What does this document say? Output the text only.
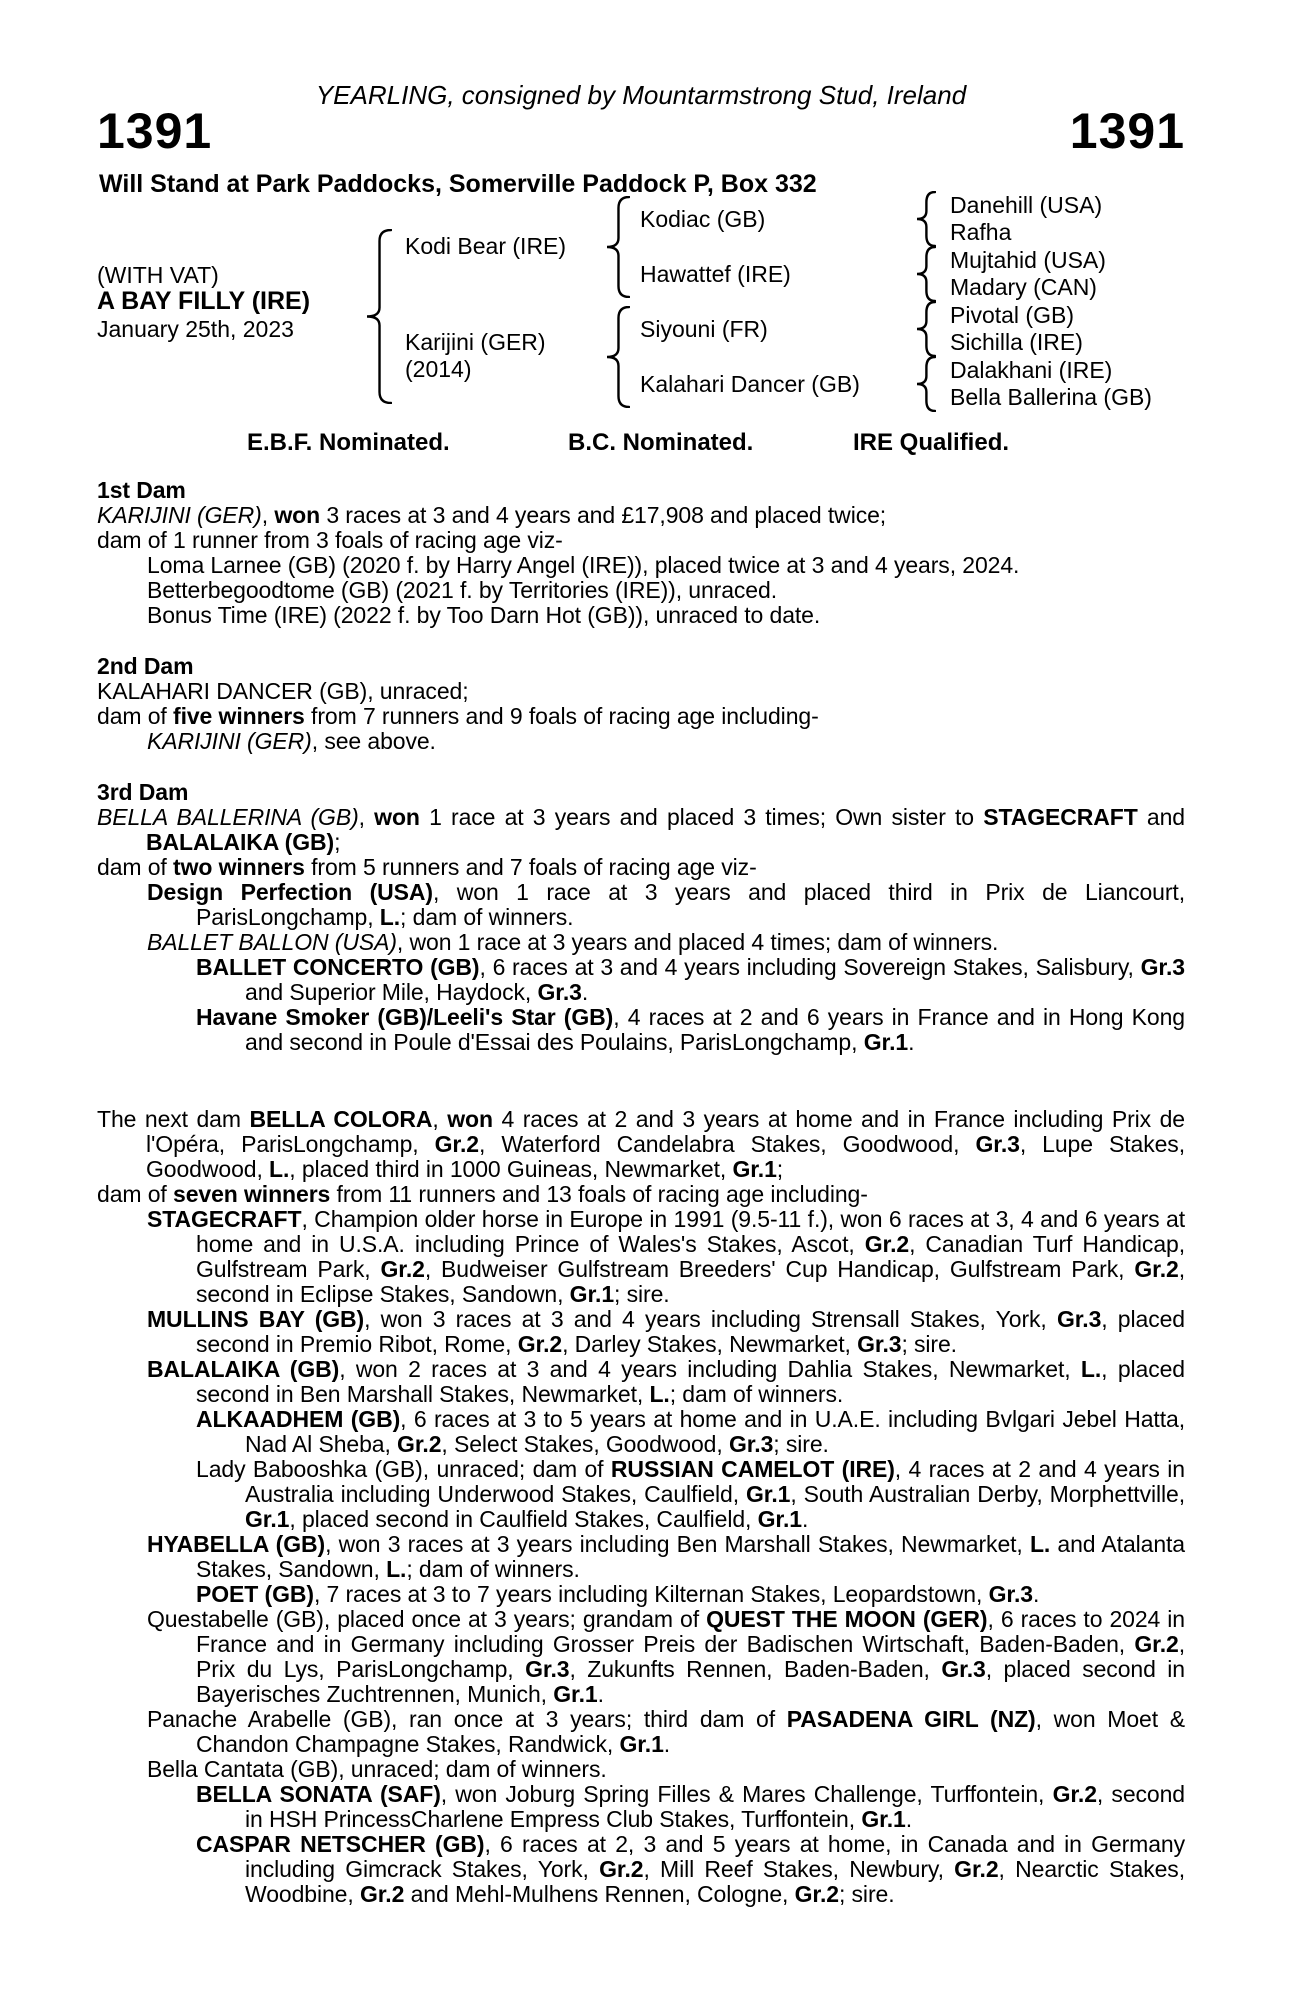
YEARLING, consigned by Mountarmstrong Stud, Ireland
1391	1391
Will Stand at Park Paddocks, Somerville Paddock P, Box 332
(WITH VAT)
A BAY FILLY (IRE)
January 25th, 2023
Kodi Bear (IRE)
Karijini (GER)
(2014)
Kodiac (GB)
Hawattef (IRE)
Siyouni (FR)
Kalahari Dancer (GB)
Danehill (USA)
Rafha
Mujtahid (USA)
Madary (CAN)
Pivotal (GB)
Sichilla (IRE)
Dalakhani (IRE)
Bella Ballerina (GB)
E.B.F. Nominated.	B.C. Nominated.	IRE Qualified.
1st Dam
KARIJINI (GER), won 3 races at 3 and 4 years and £17,908 and placed twice;
dam of 1 runner from 3 foals of racing age viz-
Loma Larnee (GB) (2020 f. by Harry Angel (IRE)), placed twice at 3 and 4 years, 2024.
Betterbegoodtome (GB) (2021 f. by Territories (IRE)), unraced.
Bonus Time (IRE) (2022 f. by Too Darn Hot (GB)), unraced to date.
2nd Dam
KALAHARI DANCER (GB), unraced;
dam of five winners from 7 runners and 9 foals of racing age including-
KARIJINI (GER), see above.
3rd Dam
BELLA BALLERINA (GB), won 1 race at 3 years and placed 3 times; Own sister to STAGECRAFT and BALALAIKA (GB);
dam of two winners from 5 runners and 7 foals of racing age viz-
Design Perfection (USA), won 1 race at 3 years and placed third in Prix de Liancourt, ParisLongchamp, L.; dam of winners.
BALLET BALLON (USA), won 1 race at 3 years and placed 4 times; dam of winners.
BALLET CONCERTO (GB), 6 races at 3 and 4 years including Sovereign Stakes, Salisbury, Gr.3 and Superior Mile, Haydock, Gr.3.
Havane Smoker (GB)/Leeli's Star (GB), 4 races at 2 and 6 years in France and in Hong Kong and second in Poule d'Essai des Poulains, ParisLongchamp, Gr.1.
The next dam BELLA COLORA, won 4 races at 2 and 3 years at home and in France including Prix de l'Opéra, ParisLongchamp, Gr.2, Waterford Candelabra Stakes, Goodwood, Gr.3, Lupe Stakes, Goodwood, L., placed third in 1000 Guineas, Newmarket, Gr.1;
dam of seven winners from 11 runners and 13 foals of racing age including-
STAGECRAFT, Champion older horse in Europe in 1991 (9.5-11 f.), won 6 races at 3, 4 and 6 years at home and in U.S.A. including Prince of Wales's Stakes, Ascot, Gr.2, Canadian Turf Handicap, Gulfstream Park, Gr.2, Budweiser Gulfstream Breeders' Cup Handicap, Gulfstream Park, Gr.2, second in Eclipse Stakes, Sandown, Gr.1; sire.
MULLINS BAY (GB), won 3 races at 3 and 4 years including Strensall Stakes, York, Gr.3, placed second in Premio Ribot, Rome, Gr.2, Darley Stakes, Newmarket, Gr.3; sire.
BALALAIKA (GB), won 2 races at 3 and 4 years including Dahlia Stakes, Newmarket, L., placed second in Ben Marshall Stakes, Newmarket, L.; dam of winners.
ALKAADHEM (GB), 6 races at 3 to 5 years at home and in U.A.E. including Bvlgari Jebel Hatta, Nad Al Sheba, Gr.2, Select Stakes, Goodwood, Gr.3; sire.
Lady Babooshka (GB), unraced; dam of RUSSIAN CAMELOT (IRE), 4 races at 2 and 4 years in Australia including Underwood Stakes, Caulfield, Gr.1, South Australian Derby, Morphettville, Gr.1, placed second in Caulfield Stakes, Caulfield, Gr.1.
HYABELLA (GB), won 3 races at 3 years including Ben Marshall Stakes, Newmarket, L. and Atalanta Stakes, Sandown, L.; dam of winners.
POET (GB), 7 races at 3 to 7 years including Kilternan Stakes, Leopardstown, Gr.3.
Questabelle (GB), placed once at 3 years; grandam of QUEST THE MOON (GER), 6 races to 2024 in France and in Germany including Grosser Preis der Badischen Wirtschaft, Baden-Baden, Gr.2, Prix du Lys, ParisLongchamp, Gr.3, Zukunfts Rennen, Baden-Baden, Gr.3, placed second in Bayerisches Zuchtrennen, Munich, Gr.1.
Panache Arabelle (GB), ran once at 3 years; third dam of PASADENA GIRL (NZ), won Moet & Chandon Champagne Stakes, Randwick, Gr.1.
Bella Cantata (GB), unraced; dam of winners.
BELLA SONATA (SAF), won Joburg Spring Filles & Mares Challenge, Turffontein, Gr.2, second in HSH PrincessCharlene Empress Club Stakes, Turffontein, Gr.1.
CASPAR NETSCHER (GB), 6 races at 2, 3 and 5 years at home, in Canada and in Germany including Gimcrack Stakes, York, Gr.2, Mill Reef Stakes, Newbury, Gr.2, Nearctic Stakes, Woodbine, Gr.2 and Mehl-Mulhens Rennen, Cologne, Gr.2; sire.
